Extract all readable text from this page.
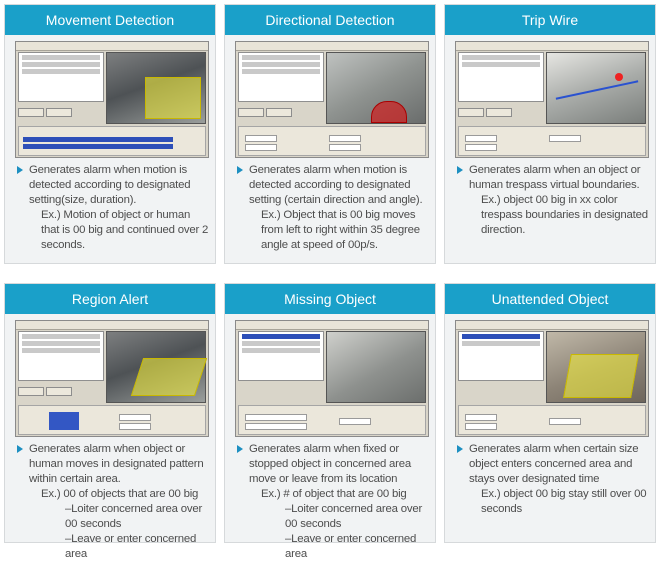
Movement Detection
Generates alarm when motion is detected according to designated setting(size, duration).
Ex.) Motion of object or human that is 00 big and continued over 2 seconds.
Directional Detection
Generates alarm when motion is detected according to designated setting (certain direction and angle).
Ex.) Object that is 00 big moves from left to right within 35 degree angle at speed of 00p/s.
Trip Wire
Generates alarm when an object or human trespass virtual boundaries.
Ex.) object 00 big in xx color trespass boundaries in designated direction.
Region Alert
Generates alarm when object or human moves in designated pattern within certain area.
Ex.) 00 of objects that are 00 big
–Loiter concerned area over 00 seconds
–Leave or enter concerned area
Missing Object
사라진 물체
Generates alarm when fixed or stopped object in concerned area move or leave from its location
Ex.) # of object that are 00 big
–Loiter concerned area over 00 seconds
–Leave or enter concerned area
Unattended Object
방치된 물체
Generates alarm when certain size object enters concerned area and stays over designated time
Ex.) object 00 big stay still over 00 seconds
